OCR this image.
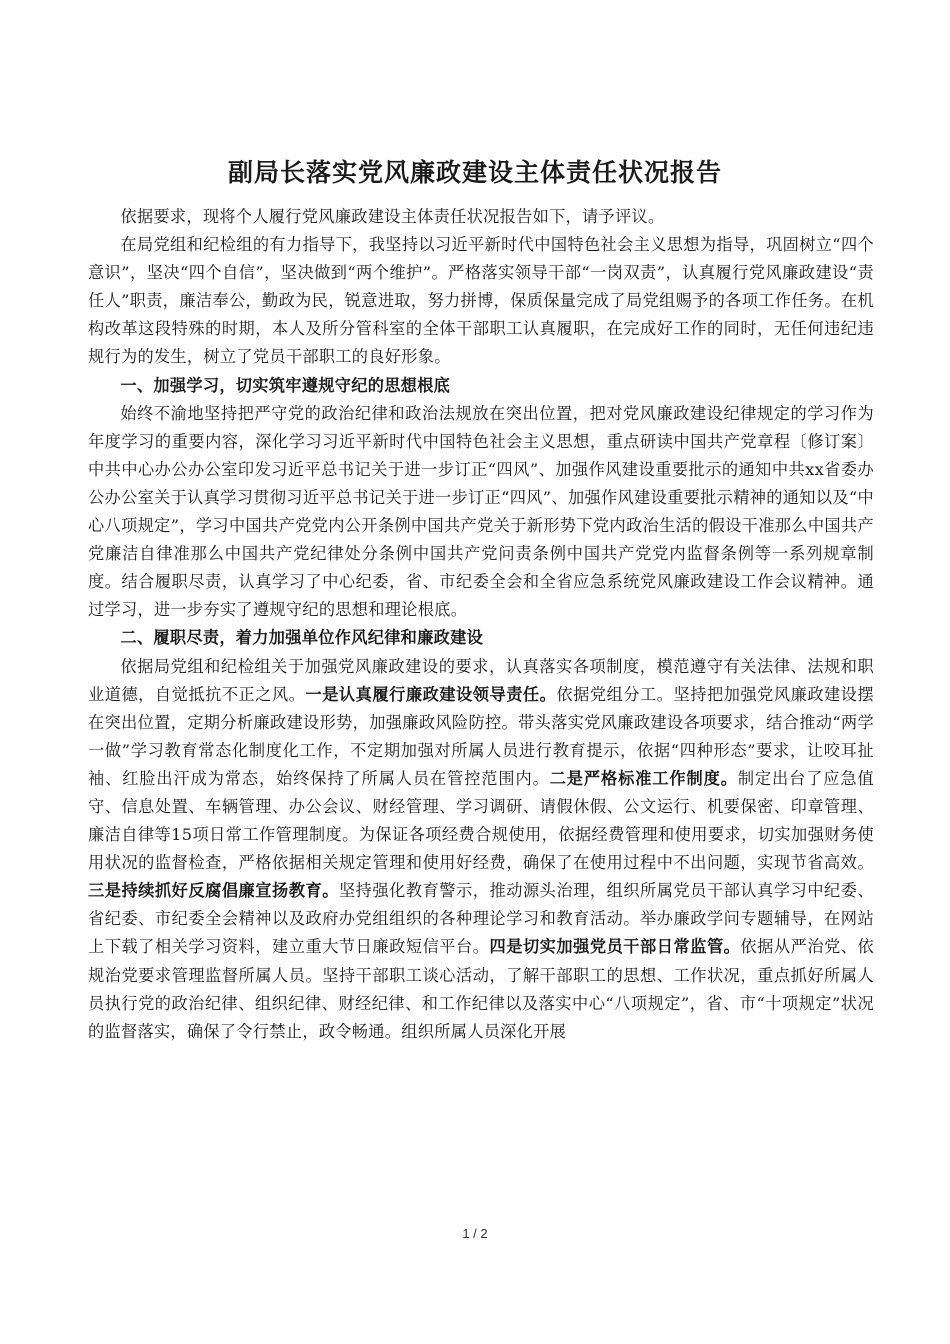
副局长落实党风廉政建设主体责任状况报告

依据要求，现将个人履行党风廉政建设主体责任状况报告如下，请予评议。

在局党组和纪检组的有力指导下，我坚持以习近平新时代中国特色社会主义思想为指导，巩固树立“四个意识”，坚决“四个自信”，坚决做到“两个维护”。严格落实领导干部“一岗双责”，认真履行党风廉政建设“责任人”职责，廉洁奉公，勤政为民，锐意进取，努力拼博，保质保量完成了局党组赐予的各项工作任务。在机构改革这段特殊的时期，本人及所分管科室的全体干部职工认真履职，在完成好工作的同时，无任何违纪违规行为的发生，树立了党员干部职工的良好形象。

一、加强学习，切实筑牢遵规守纪的思想根底

始终不渝地坚持把严守党的政治纪律和政治法规放在突出位置，把对党风廉政建设纪律规定的学习作为年度学习的重要内容，深化学习习近平新时代中国特色社会主义思想，重点研读中国共产党章程〔修订案〕中共中心办公办公室印发习近平总书记关于进一步订正“四风”、加强作风建设重要批示的通知中共xx省委办公办公室关于认真学习贯彻习近平总书记关于进一步订正“四风”、加强作风建设重要批示精神的通知以及“中心八项规定”，学习中国共产党党内公开条例中国共产党关于新形势下党内政治生活的假设干准那么中国共产党廉洁自律准那么中国共产党纪律处分条例中国共产党问责条例中国共产党党内监督条例等一系列规章制度。结合履职尽责，认真学习了中心纪委，省、市纪委全会和全省应急系统党风廉政建设工作会议精神。通过学习，进一步夯实了遵规守纪的思想和理论根底。

二、履职尽责，着力加强单位作风纪律和廉政建设

依据局党组和纪检组关于加强党风廉政建设的要求，认真落实各项制度，模范遵守有关法律、法规和职业道德，自觉抵抗不正之风。一是认真履行廉政建设领导责任。依据党组分工。坚持把加强党风廉政建设摆在突出位置，定期分析廉政建设形势，加强廉政风险防控。带头落实党风廉政建设各项要求，结合推动“两学一做”学习教育常态化制度化工作，不定期加强对所属人员进行教育提示，依据“四种形态”要求，让咬耳扯袖、红脸出汗成为常态，始终保持了所属人员在管控范围内。二是严格标准工作制度。制定出台了应急值守、信息处置、车辆管理、办公会议、财经管理、学习调研、请假休假、公文运行、机要保密、印章管理、廉洁自律等15项日常工作管理制度。为保证各项经费合规使用，依据经费管理和使用要求，切实加强财务使用状况的监督检查，严格依据相关规定管理和使用好经费，确保了在使用过程中不出问题，实现节省高效。三是持续抓好反腐倡廉宣扬教育。坚持强化教育警示，推动源头治理，组织所属党员干部认真学习中纪委、省纪委、市纪委全会精神以及政府办党组组织的各种理论学习和教育活动。举办廉政学问专题辅导，在网站上下载了相关学习资料，建立重大节日廉政短信平台。四是切实加强党员干部日常监管。依据从严治党、依规治党要求管理监督所属人员。坚持干部职工谈心活动，了解干部职工的思想、工作状况，重点抓好所属人员执行党的政治纪律、组织纪律、财经纪律、和工作纪律以及落实中心“八项规定”，省、市“十项规定”状况的监督落实，确保了令行禁止，政令畅通。组织所属人员深化开展

1 / 2
